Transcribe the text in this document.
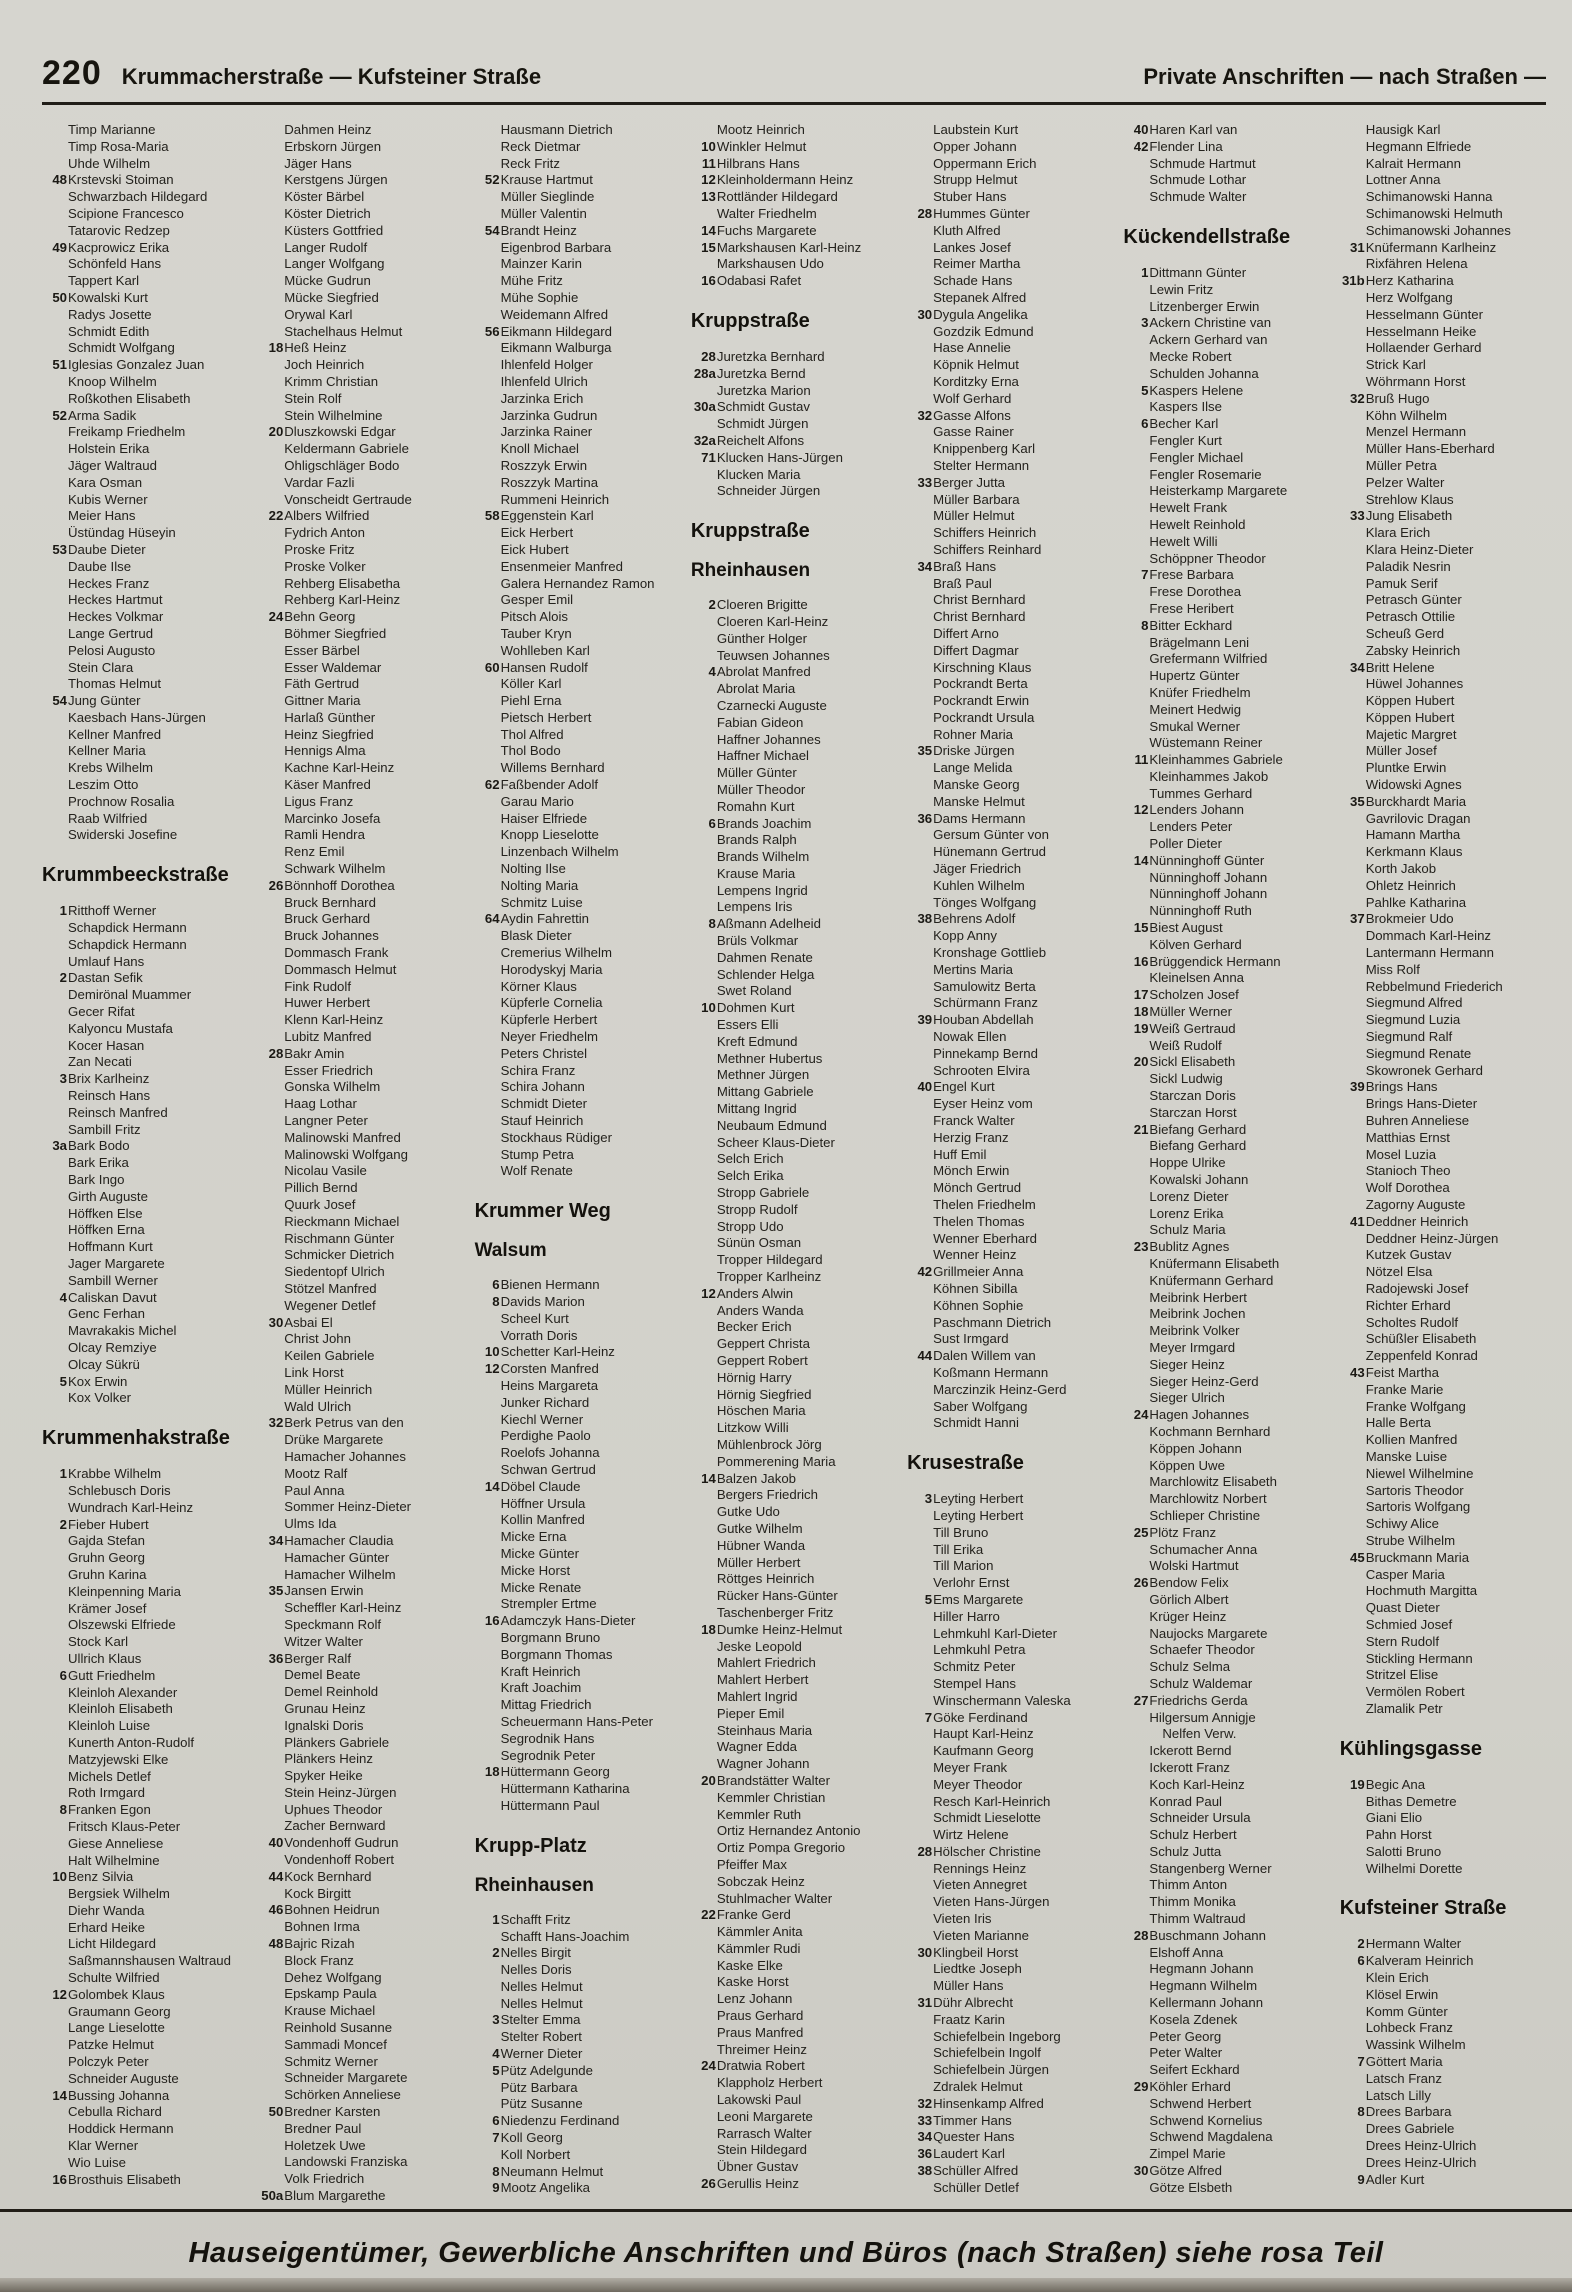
220 Krummacherstraße — Kufsteiner Straße	Private Anschriften — nach Straßen —
Timp Marianne
Timp Rosa-Maria
Uhde Wilhelm
48 Krstevski Stoiman
Schwarzbach Hildegard
Scipione Francesco
Tatarovic Redzep
49 Kacprowicz Erika
Schönfeld Hans
Tappert Karl
50 Kowalski Kurt
Radys Josette
Schmidt Edith
Schmidt Wolfgang
51 Iglesias Gonzalez Juan
Knoop Wilhelm
Roßkothen Elisabeth
52 Arma Sadik
Freikamp Friedhelm
Holstein Erika
Jäger Waltraud
Kara Osman
Kubis Werner
Meier Hans
Üstündag Hüseyin
53 Daube Dieter
Daube Ilse
Heckes Franz
Heckes Hartmut
Heckes Volkmar
Lange Gertrud
Pelosi Augusto
Stein Clara
Thomas Helmut
54 Jung Günter
Kaesbach Hans-Jürgen
Kellner Manfred
Kellner Maria
Krebs Wilhelm
Leszim Otto
Prochnow Rosalia
Raab Wilfried
Swiderski Josefine
Krummbeeckstraße
1 Ritthoff Werner
Schapdick Hermann
Schapdick Hermann
Umlauf Hans
2 Dastan Sefik
Demirönal Muammer
Gecer Rifat
Kalyoncu Mustafa
Kocer Hasan
Zan Necati
3 Brix Karlheinz
Reinsch Hans
Reinsch Manfred
Sambill Fritz
3a Bark Bodo
Bark Erika
Bark Ingo
Girth Auguste
Höffken Else
Höffken Erna
Hoffmann Kurt
Jager Margarete
Sambill Werner
4 Caliskan Davut
Genc Ferhan
Mavrakakis Michel
Olcay Remziye
Olcay Sükrü
5 Kox Erwin
Kox Volker
Krummenhakstraße
1 Krabbe Wilhelm
Schlebusch Doris
Wundrach Karl-Heinz
2 Fieber Hubert
Gajda Stefan
Gruhn Georg
Gruhn Karina
Kleinpenning Maria
Krämer Josef
Olszewski Elfriede
Stock Karl
Ullrich Klaus
6 Gutt Friedhelm
Kleinloh Alexander
Kleinloh Elisabeth
Kleinloh Luise
Kunerth Anton-Rudolf
Matzyjewski Elke
Michels Detlef
Roth Irmgard
8 Franken Egon
Fritsch Klaus-Peter
Giese Anneliese
Halt Wilhelmine
10 Benz Silvia
Bergsiek Wilhelm
Diehr Wanda
Erhard Heike
Licht Hildegard
Saßmannshausen Waltraud
Schulte Wilfried
12 Golombek Klaus
Graumann Georg
Lange Lieselotte
Patzke Helmut
Polczyk Peter
Schneider Auguste
14 Bussing Johanna
Cebulla Richard
Hoddick Hermann
Klar Werner
Wio Luise
16 Brosthuis Elisabeth
Dahmen Heinz
Erbskorn Jürgen
Jäger Hans
Kerstgens Jürgen
Köster Bärbel
Köster Dietrich
Küsters Gottfried
Langer Rudolf
Langer Wolfgang
Mücke Gudrun
Mücke Siegfried
Orywal Karl
Stachelhaus Helmut
18 Heß Heinz
Joch Heinrich
Krimm Christian
Stein Rolf
Stein Wilhelmine
20 Dluszkowski Edgar
Keldermann Gabriele
Ohligschläger Bodo
Vardar Fazli
Vonscheidt Gertraude
22 Albers Wilfried
Fydrich Anton
Proske Fritz
Proske Volker
Rehberg Elisabetha
Rehberg Karl-Heinz
24 Behn Georg
Böhmer Siegfried
Esser Bärbel
Esser Waldemar
Fäth Gertrud
Gittner Maria
Harlaß Günther
Heinz Siegfried
Hennigs Alma
Kachne Karl-Heinz
Käser Manfred
Ligus Franz
Marcinko Josefa
Ramli Hendra
Renz Emil
Schwark Wilhelm
26 Bönnhoff Dorothea
Bruck Bernhard
Bruck Gerhard
Bruck Johannes
Dommasch Frank
Dommasch Helmut
Fink Rudolf
Huwer Herbert
Klenn Karl-Heinz
Lubitz Manfred
28 Bakr Amin
Esser Friedrich
Gonska Wilhelm
Haag Lothar
Langner Peter
Malinowski Manfred
Malinowski Wolfgang
Nicolau Vasile
Pillich Bernd
Quurk Josef
Rieckmann Michael
Rischmann Günter
Schmicker Dietrich
Siedentopf Ulrich
Stötzel Manfred
Wegener Detlef
30 Asbai El
Christ John
Keilen Gabriele
Link Horst
Müller Heinrich
Wald Ulrich
32 Berk Petrus van den
Drüke Margarete
Hamacher Johannes
Mootz Ralf
Paul Anna
Sommer Heinz-Dieter
Ulms Ida
34 Hamacher Claudia
Hamacher Günter
Hamacher Wilhelm
35 Jansen Erwin
Scheffler Karl-Heinz
Speckmann Rolf
Witzer Walter
36 Berger Ralf
Demel Beate
Demel Reinhold
Grunau Heinz
Ignalski Doris
Plänkers Gabriele
Plänkers Heinz
Spyker Heike
Stein Heinz-Jürgen
Uphues Theodor
Zacher Bernward
40 Vondenhoff Gudrun
Vondenhoff Robert
44 Kock Bernhard
Kock Birgitt
46 Bohnen Heidrun
Bohnen Irma
48 Bajric Rizah
Block Franz
Dehez Wolfgang
Epskamp Paula
Krause Michael
Reinhold Susanne
Sammadi Moncef
Schmitz Werner
Schneider Margarete
Schörken Anneliese
50 Bredner Karsten
Bredner Paul
Holetzek Uwe
Landowski Franziska
Volk Friedrich
50a Blum Margarethe
Hausmann Dietrich
Reck Dietmar
Reck Fritz
52 Krause Hartmut
Müller Sieglinde
Müller Valentin
54 Brandt Heinz
Eigenbrod Barbara
Mainzer Karin
Mühe Fritz
Mühe Sophie
Weidemann Alfred
56 Eikmann Hildegard
Eikmann Walburga
Ihlenfeld Holger
Ihlenfeld Ulrich
Jarzinka Erich
Jarzinka Gudrun
Jarzinka Rainer
Knoll Michael
Roszzyk Erwin
Roszzyk Martina
Rummeni Heinrich
58 Eggenstein Karl
Eick Herbert
Eick Hubert
Ensenmeier Manfred
Galera Hernandez Ramon
Gesper Emil
Pitsch Alois
Tauber Kryn
Wohlleben Karl
60 Hansen Rudolf
Köller Karl
Piehl Erna
Pietsch Herbert
Thol Alfred
Thol Bodo
Willems Bernhard
62 Faßbender Adolf
Garau Mario
Haiser Elfriede
Knopp Lieselotte
Linzenbach Wilhelm
Nolting Ilse
Nolting Maria
Schmitz Luise
64 Aydin Fahrettin
Blask Dieter
Cremerius Wilhelm
Horodyskyj Maria
Körner Klaus
Küpferle Cornelia
Küpferle Herbert
Neyer Friedhelm
Peters Christel
Schira Franz
Schira Johann
Schmidt Dieter
Stauf Heinrich
Stockhaus Rüdiger
Stump Petra
Wolf Renate
Krummer Weg
Walsum
6 Bienen Hermann
8 Davids Marion
Scheel Kurt
Vorrath Doris
10 Schetter Karl-Heinz
12 Corsten Manfred
Heins Margareta
Junker Richard
Kiechl Werner
Perdighe Paolo
Roelofs Johanna
Schwan Gertrud
14 Döbel Claude
Höffner Ursula
Kollin Manfred
Micke Erna
Micke Günter
Micke Horst
Micke Renate
Strempler Ertme
16 Adamczyk Hans-Dieter
Borgmann Bruno
Borgmann Thomas
Kraft Heinrich
Kraft Joachim
Mittag Friedrich
Scheuermann Hans-Peter
Segrodnik Hans
Segrodnik Peter
18 Hüttermann Georg
Hüttermann Katharina
Hüttermann Paul
Krupp-Platz
Rheinhausen
1 Schafft Fritz
Schafft Hans-Joachim
2 Nelles Birgit
Nelles Doris
Nelles Helmut
Nelles Helmut
3 Stelter Emma
Stelter Robert
4 Werner Dieter
5 Pütz Adelgunde
Pütz Barbara
Pütz Susanne
6 Niedenzu Ferdinand
7 Koll Georg
Koll Norbert
8 Neumann Helmut
9 Mootz Angelika
Mootz Heinrich
10 Winkler Helmut
11 Hilbrans Hans
12 Kleinholdermann Heinz
13 Rottländer Hildegard
Walter Friedhelm
14 Fuchs Margarete
15 Markshausen Karl-Heinz
Markshausen Udo
16 Odabasi Rafet
Kruppstraße
28 Juretzka Bernhard
28a Juretzka Bernd
Juretzka Marion
30a Schmidt Gustav
Schmidt Jürgen
32a Reichelt Alfons
71 Klucken Hans-Jürgen
Klucken Maria
Schneider Jürgen
Kruppstraße
Rheinhausen
2 Cloeren Brigitte
Cloeren Karl-Heinz
Günther Holger
Teuwsen Johannes
4 Abrolat Manfred
Abrolat Maria
Czarnecki Auguste
Fabian Gideon
Haffner Johannes
Haffner Michael
Müller Günter
Müller Theodor
Romahn Kurt
6 Brands Joachim
Brands Ralph
Brands Wilhelm
Krause Maria
Lempens Ingrid
Lempens Iris
8 Aßmann Adelheid
Brüls Volkmar
Dahmen Renate
Schlender Helga
Swet Roland
10 Dohmen Kurt
Essers Elli
Kreft Edmund
Methner Hubertus
Methner Jürgen
Mittang Gabriele
Mittang Ingrid
Neubaum Edmund
Scheer Klaus-Dieter
Selch Erich
Selch Erika
Stropp Gabriele
Stropp Rudolf
Stropp Udo
Sünün Osman
Tropper Hildegard
Tropper Karlheinz
12 Anders Alwin
Anders Wanda
Becker Erich
Geppert Christa
Geppert Robert
Hörnig Harry
Hörnig Siegfried
Höschen Maria
Litzkow Willi
Mühlenbrock Jörg
Pommerening Maria
14 Balzen Jakob
Bergers Friedrich
Gutke Udo
Gutke Wilhelm
Hübner Wanda
Müller Herbert
Röttges Heinrich
Rücker Hans-Günter
Taschenberger Fritz
18 Dumke Heinz-Helmut
Jeske Leopold
Mahlert Friedrich
Mahlert Herbert
Mahlert Ingrid
Pieper Emil
Steinhaus Maria
Wagner Edda
Wagner Johann
20 Brandstätter Walter
Kemmler Christian
Kemmler Ruth
Ortiz Hernandez Antonio
Ortiz Pompa Gregorio
Pfeiffer Max
Sobczak Heinz
Stuhlmacher Walter
22 Franke Gerd
Kämmler Anita
Kämmler Rudi
Kaske Elke
Kaske Horst
Lenz Johann
Praus Gerhard
Praus Manfred
Threimer Heinz
24 Dratwia Robert
Klappholz Herbert
Lakowski Paul
Leoni Margarete
Rarrasch Walter
Stein Hildegard
Übner Gustav
26 Gerullis Heinz
Laubstein Kurt
Opper Johann
Oppermann Erich
Strupp Helmut
Stuber Hans
28 Hummes Günter
Kluth Alfred
Lankes Josef
Reimer Martha
Schade Hans
Stepanek Alfred
30 Dygula Angelika
Gozdzik Edmund
Hase Annelie
Köpnik Helmut
Korditzky Erna
Wolf Gerhard
32 Gasse Alfons
Gasse Rainer
Knippenberg Karl
Stelter Hermann
33 Berger Jutta
Müller Barbara
Müller Helmut
Schiffers Heinrich
Schiffers Reinhard
34 Braß Hans
Braß Paul
Christ Bernhard
Christ Bernhard
Differt Arno
Differt Dagmar
Kirschning Klaus
Pockrandt Berta
Pockrandt Erwin
Pockrandt Ursula
Rohner Maria
35 Driske Jürgen
Lange Melida
Manske Georg
Manske Helmut
36 Dams Hermann
Gersum Günter von
Hünemann Gertrud
Jäger Friedrich
Kuhlen Wilhelm
Tönges Wolfgang
38 Behrens Adolf
Kopp Anny
Kronshage Gottlieb
Mertins Maria
Samulowitz Berta
Schürmann Franz
39 Houban Abdellah
Nowak Ellen
Pinnekamp Bernd
Schrooten Elvira
40 Engel Kurt
Eyser Heinz vom
Franck Walter
Herzig Franz
Huff Emil
Mönch Erwin
Mönch Gertrud
Thelen Friedhelm
Thelen Thomas
Wenner Eberhard
Wenner Heinz
42 Grillmeier Anna
Köhnen Sibilla
Köhnen Sophie
Paschmann Dietrich
Sust Irmgard
44 Dalen Willem van
Koßmann Hermann
Marczinzik Heinz-Gerd
Saber Wolfgang
Schmidt Hanni
Krusestraße
3 Leyting Herbert
Leyting Herbert
Till Bruno
Till Erika
Till Marion
Verlohr Ernst
5 Ems Margarete
Hiller Harro
Lehmkuhl Karl-Dieter
Lehmkuhl Petra
Schmitz Peter
Stempel Hans
Winschermann Valeska
7 Göke Ferdinand
Haupt Karl-Heinz
Kaufmann Georg
Meyer Frank
Meyer Theodor
Resch Karl-Heinrich
Schmidt Lieselotte
Wirtz Helene
28 Hölscher Christine
Rennings Heinz
Vieten Annegret
Vieten Hans-Jürgen
Vieten Iris
Vieten Marianne
30 Klingbeil Horst
Liedtke Joseph
Müller Hans
31 Dühr Albrecht
Fraatz Karin
Schiefelbein Ingeborg
Schiefelbein Ingolf
Schiefelbein Jürgen
Zdralek Helmut
32 Hinsenkamp Alfred
33 Timmer Hans
34 Quester Hans
36 Laudert Karl
38 Schüller Alfred
Schüller Detlef
40 Haren Karl van
42 Flender Lina
Schmude Hartmut
Schmude Lothar
Schmude Walter
Kückendellstraße
1 Dittmann Günter
Lewin Fritz
Litzenberger Erwin
3 Ackern Christine van
Ackern Gerhard van
Mecke Robert
Schulden Johanna
5 Kaspers Helene
Kaspers Ilse
6 Becher Karl
Fengler Kurt
Fengler Michael
Fengler Rosemarie
Heisterkamp Margarete
Hewelt Frank
Hewelt Reinhold
Hewelt Willi
Schöppner Theodor
7 Frese Barbara
Frese Dorothea
Frese Heribert
8 Bitter Eckhard
Brägelmann Leni
Grefermann Wilfried
Hupertz Günter
Knüfer Friedhelm
Meinert Hedwig
Smukal Werner
Wüstemann Reiner
11 Kleinhammes Gabriele
Kleinhammes Jakob
Tummes Gerhard
12 Lenders Johann
Lenders Peter
Poller Dieter
14 Nünninghoff Günter
Nünninghoff Johann
Nünninghoff Johann
Nünninghoff Ruth
15 Biest August
Kölven Gerhard
16 Brüggendick Hermann
Kleinelsen Anna
17 Scholzen Josef
18 Müller Werner
19 Weiß Gertraud
Weiß Rudolf
20 Sickl Elisabeth
Sickl Ludwig
Starczan Doris
Starczan Horst
21 Biefang Gerhard
Biefang Gerhard
Hoppe Ulrike
Kowalski Johann
Lorenz Dieter
Lorenz Erika
Schulz Maria
23 Bublitz Agnes
Knüfermann Elisabeth
Knüfermann Gerhard
Meibrink Herbert
Meibrink Jochen
Meibrink Volker
Meyer Irmgard
Sieger Heinz
Sieger Heinz-Gerd
Sieger Ulrich
24 Hagen Johannes
Kochmann Bernhard
Köppen Johann
Köppen Uwe
Marchlowitz Elisabeth
Marchlowitz Norbert
Schlieper Christine
25 Plötz Franz
Schumacher Anna
Wolski Hartmut
26 Bendow Felix
Görlich Albert
Krüger Heinz
Naujocks Margarete
Schaefer Theodor
Schulz Selma
Schulz Waldemar
27 Friedrichs Gerda
Hilgersum Annigje
Nelfen Verw.
Ickerott Bernd
Ickerott Franz
Koch Karl-Heinz
Konrad Paul
Schneider Ursula
Schulz Herbert
Schulz Jutta
Stangenberg Werner
Thimm Anton
Thimm Monika
Thimm Waltraud
28 Buschmann Johann
Elshoff Anna
Hegmann Johann
Hegmann Wilhelm
Kellermann Johann
Kosela Zdenek
Peter Georg
Peter Walter
Seifert Eckhard
29 Köhler Erhard
Schwend Herbert
Schwend Kornelius
Schwend Magdalena
Zimpel Marie
30 Götze Alfred
Götze Elsbeth
Hausigk Karl
Hegmann Elfriede
Kalrait Hermann
Lottner Anna
Schimanowski Hanna
Schimanowski Helmuth
Schimanowski Johannes
31 Knüfermann Karlheinz
Rixfähren Helena
31b Herz Katharina
Herz Wolfgang
Hesselmann Günter
Hesselmann Heike
Hollaender Gerhard
Strick Karl
Wöhrmann Horst
32 Bruß Hugo
Köhn Wilhelm
Menzel Hermann
Müller Hans-Eberhard
Müller Petra
Pelzer Walter
Strehlow Klaus
33 Jung Elisabeth
Klara Erich
Klara Heinz-Dieter
Paladik Nesrin
Pamuk Serif
Petrasch Günter
Petrasch Ottilie
Scheuß Gerd
Zabsky Heinrich
34 Britt Helene
Hüwel Johannes
Köppen Hubert
Köppen Hubert
Majetic Margret
Müller Josef
Pluntke Erwin
Widowski Agnes
35 Burckhardt Maria
Gavrilovic Dragan
Hamann Martha
Kerkmann Klaus
Korth Jakob
Ohletz Heinrich
Pahlke Katharina
37 Brokmeier Udo
Dommach Karl-Heinz
Lantermann Hermann
Miss Rolf
Rebbelmund Friederich
Siegmund Alfred
Siegmund Luzia
Siegmund Ralf
Siegmund Renate
Skowronek Gerhard
39 Brings Hans
Brings Hans-Dieter
Buhren Anneliese
Matthias Ernst
Mosel Luzia
Stanioch Theo
Wolf Dorothea
Zagorny Auguste
41 Deddner Heinrich
Deddner Heinz-Jürgen
Kutzek Gustav
Nötzel Elsa
Radojewski Josef
Richter Erhard
Scholtes Rudolf
Schüßler Elisabeth
Zeppenfeld Konrad
43 Feist Martha
Franke Marie
Franke Wolfgang
Halle Berta
Kollien Manfred
Manske Luise
Niewel Wilhelmine
Sartoris Theodor
Sartoris Wolfgang
Schiwy Alice
Strube Wilhelm
45 Bruckmann Maria
Casper Maria
Hochmuth Margitta
Quast Dieter
Schmied Josef
Stern Rudolf
Stickling Hermann
Stritzel Elise
Vermölen Robert
Zlamalik Petr
Kühlingsgasse
19 Begic Ana
Bithas Demetre
Giani Elio
Pahn Horst
Salotti Bruno
Wilhelmi Dorette
Kufsteiner Straße
2 Hermann Walter
6 Kalveram Heinrich
Klein Erich
Klösel Erwin
Komm Günter
Lohbeck Franz
Wassink Wilhelm
7 Göttert Maria
Latsch Franz
Latsch Lilly
8 Drees Barbara
Drees Gabriele
Drees Heinz-Ulrich
Drees Heinz-Ulrich
9 Adler Kurt
Hauseigentümer, Gewerbliche Anschriften und Büros (nach Straßen) siehe rosa Teil
